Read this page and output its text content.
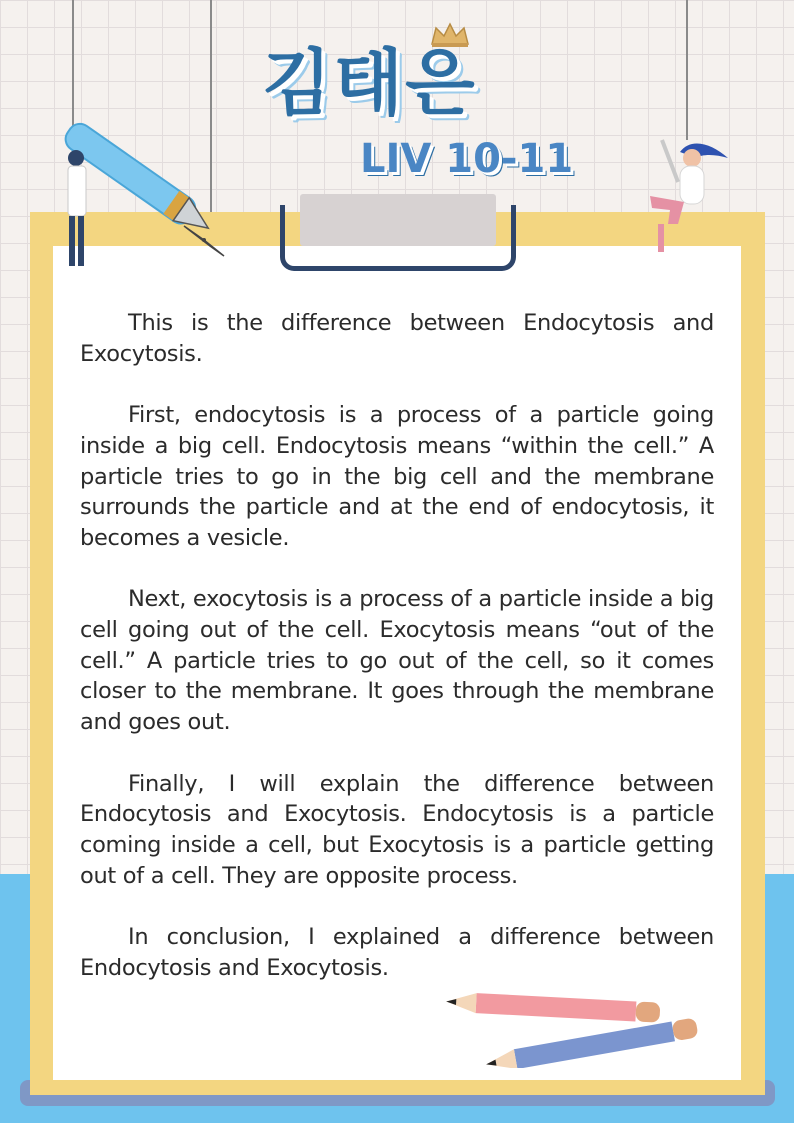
김태은
LIV 10-11

This is the difference between Endocytosis and Exocytosis.

First, endocytosis is a process of a particle going inside a big cell. Endocytosis means “within the cell.” A particle tries to go in the big cell and the membrane surrounds the particle and at the end of endocytosis, it becomes a vesicle.

Next, exocytosis is a process of a particle inside a big cell going out of the cell. Exocytosis means “out of the cell.” A particle tries to go out of the cell, so it comes closer to the membrane. It goes through the membrane and goes out.

Finally, I will explain the difference between Endocytosis and Exocytosis. Endocytosis is a particle coming inside a cell, but Exocytosis is a particle getting out of a cell. They are opposite process.

In conclusion, I explained a difference between Endocytosis and Exocytosis.
